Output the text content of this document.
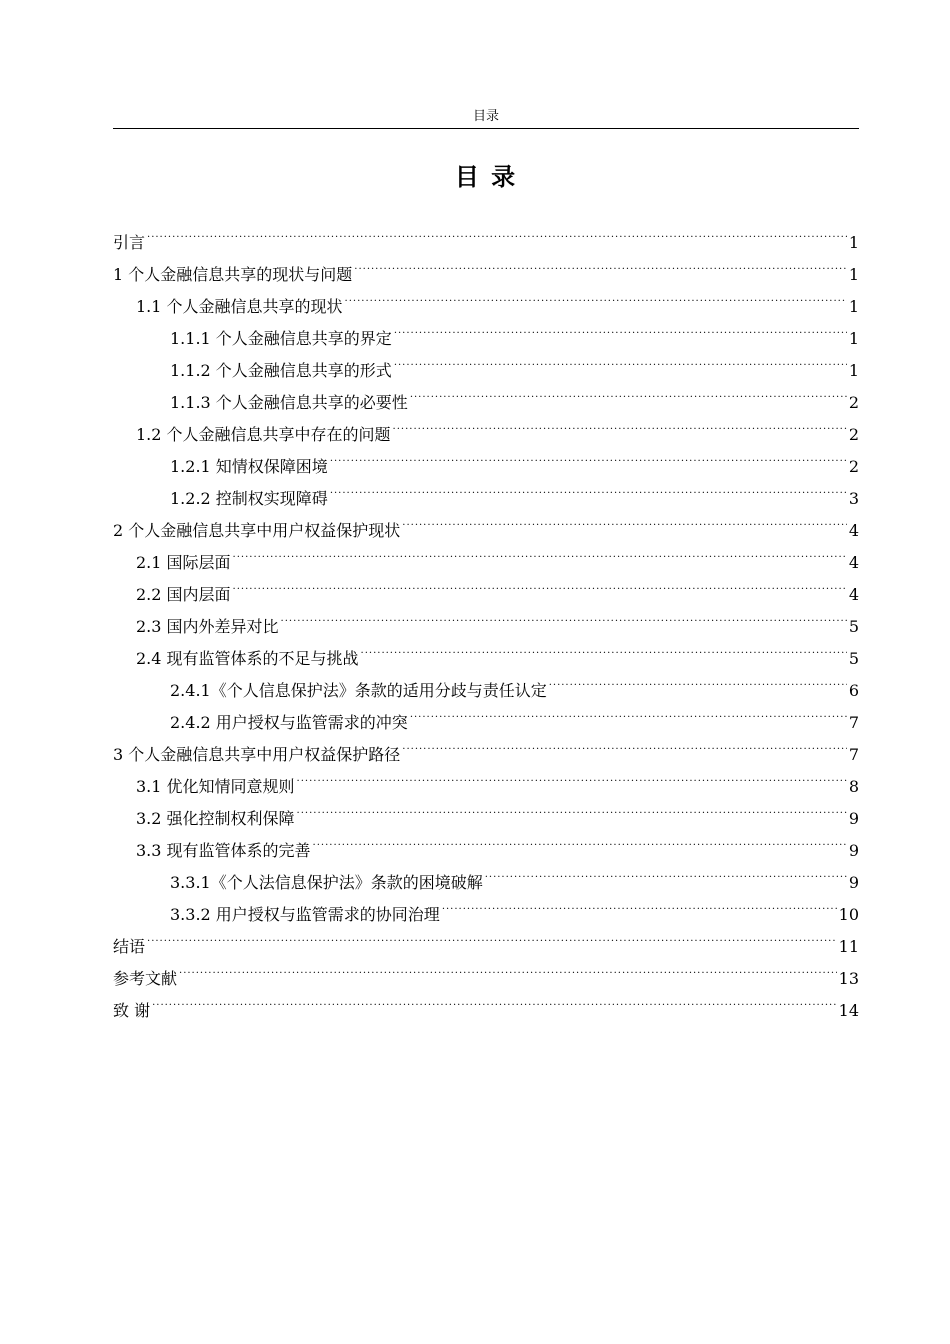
目录
目 录
引言 .....	1
1 个人金融信息共享的现状与问题 .....	1
1.1 个人金融信息共享的现状 .....	1
1.1.1 个人金融信息共享的界定 .....	1
1.1.2 个人金融信息共享的形式 .....	1
1.1.3 个人金融信息共享的必要性 .....	2
1.2 个人金融信息共享中存在的问题 .....	2
1.2.1 知情权保障困境 .....	2
1.2.2 控制权实现障碍 .....	3
2 个人金融信息共享中用户权益保护现状 .....	4
2.1 国际层面 .....	4
2.2 国内层面 .....	4
2.3 国内外差异对比 .....	5
2.4 现有监管体系的不足与挑战 .....	5
2.4.1《个人信息保护法》条款的适用分歧与责任认定 .....	6
2.4.2 用户授权与监管需求的冲突 .....	7
3 个人金融信息共享中用户权益保护路径 .....	7
3.1 优化知情同意规则 .....	8
3.2 强化控制权利保障 .....	9
3.3 现有监管体系的完善 .....	9
3.3.1《个人法信息保护法》条款的困境破解 .....	9
3.3.2 用户授权与监管需求的协同治理 .....	10
结语 .....	11
参考文献 .....	13
致 谢 .....	14
